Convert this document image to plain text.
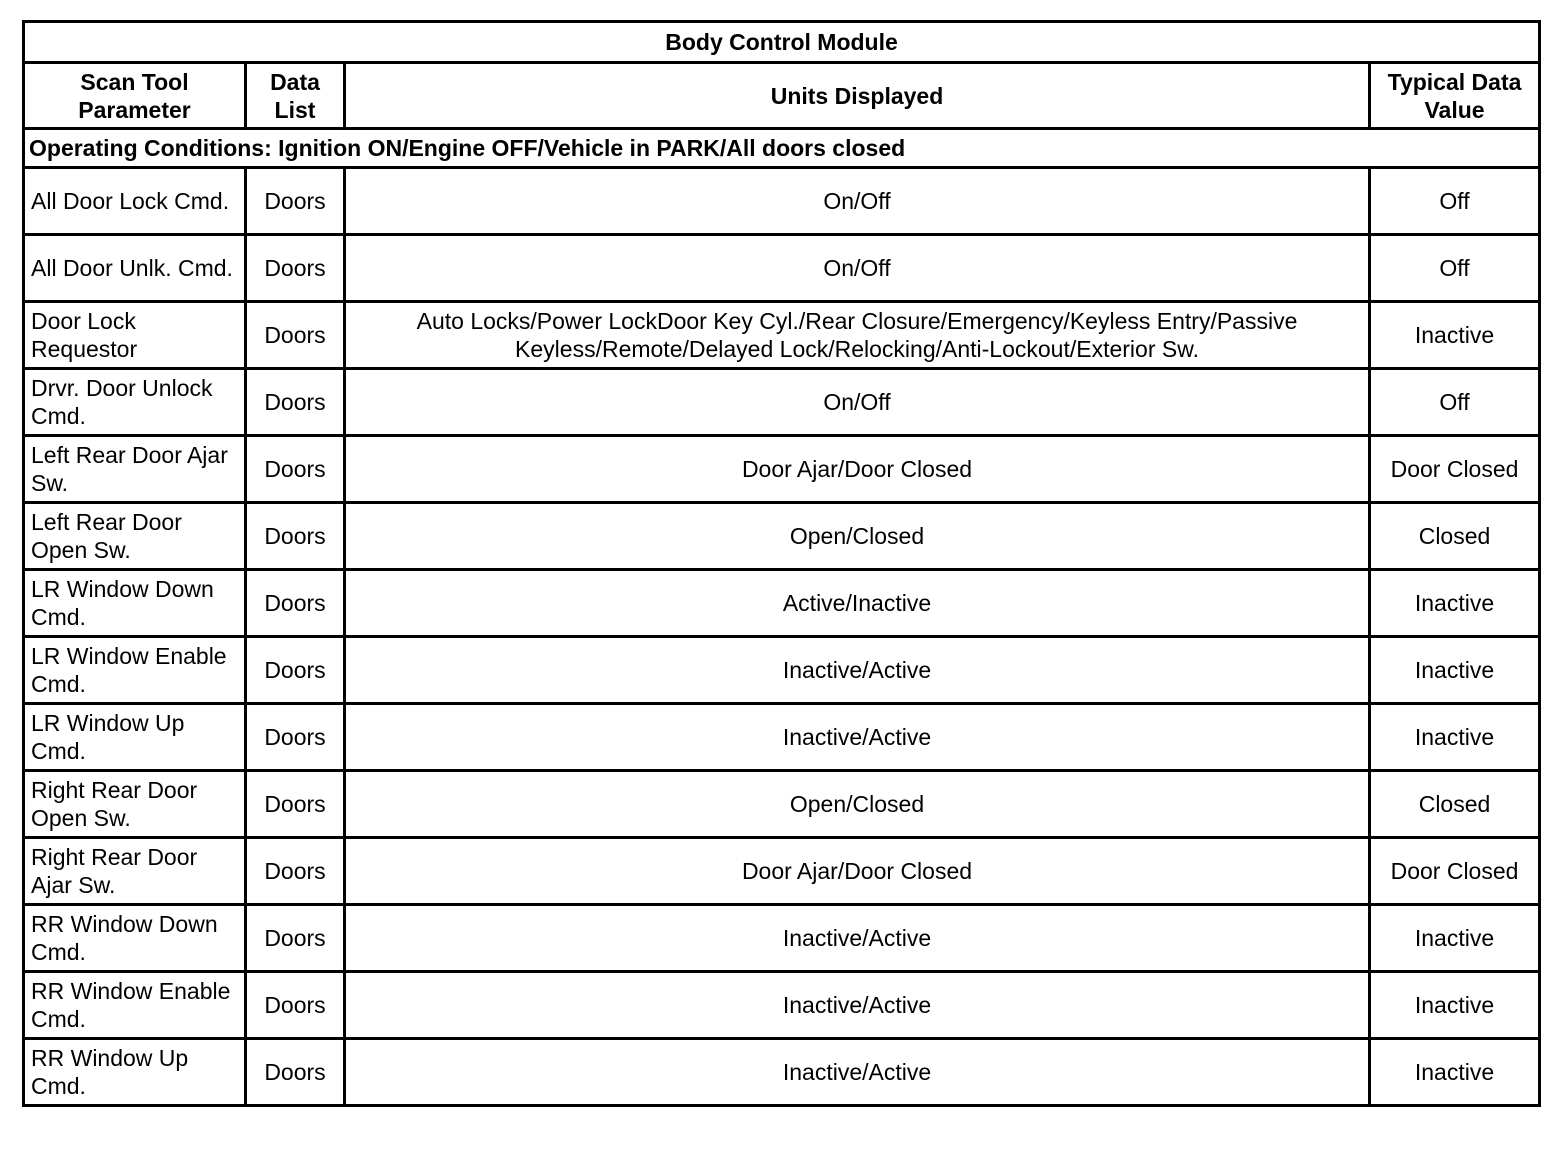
Body Control Module			
Scan Tool Parameter	Data List	Units Displayed	Typical Data Value
Operating Conditions: Ignition ON/Engine OFF/Vehicle in PARK/All doors closed			
All Door Lock Cmd.	Doors	On/Off	Off
All Door Unlk. Cmd.	Doors	On/Off	Off
Door Lock Requestor	Doors	Auto Locks/Power LockDoor Key Cyl./Rear Closure/Emergency/Keyless Entry/Passive Keyless/Remote/Delayed Lock/Relocking/Anti-Lockout/Exterior Sw.	Inactive
Drvr. Door Unlock Cmd.	Doors	On/Off	Off
Left Rear Door Ajar Sw.	Doors	Door Ajar/Door Closed	Door Closed
Left Rear Door Open Sw.	Doors	Open/Closed	Closed
LR Window Down Cmd.	Doors	Active/Inactive	Inactive
LR Window Enable Cmd.	Doors	Inactive/Active	Inactive
LR Window Up Cmd.	Doors	Inactive/Active	Inactive
Right Rear Door Open Sw.	Doors	Open/Closed	Closed
Right Rear Door Ajar Sw.	Doors	Door Ajar/Door Closed	Door Closed
RR Window Down Cmd.	Doors	Inactive/Active	Inactive
RR Window Enable Cmd.	Doors	Inactive/Active	Inactive
RR Window Up Cmd.	Doors	Inactive/Active	Inactive
